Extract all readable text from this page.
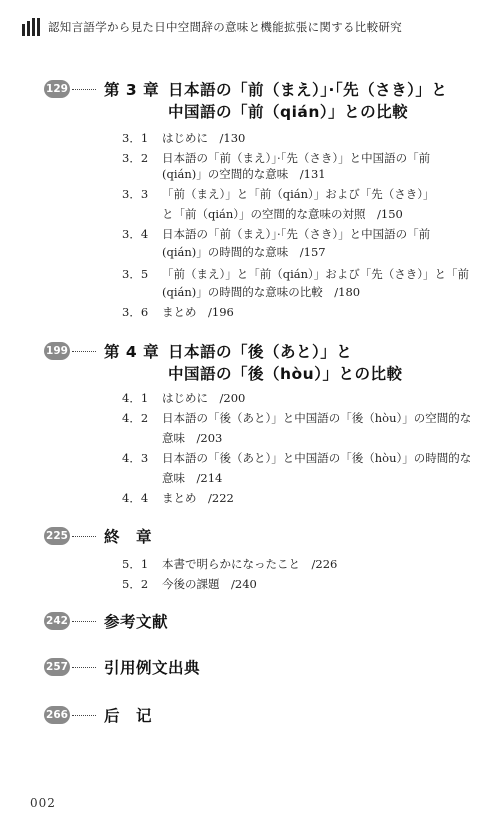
認知言語学から見た日中空間辞の意味と機能拡張に関する比較研究
129 第 3 章 日本語の「前（まえ）」·「先（さき）」と
中国語の「前（qián）」との比較
3．1	はじめに　/130
3．2	日本語の「前（まえ）」·「先（さき）」と中国語の「前
(qián)」の空間的な意味　/131
3．3	「前（まえ）」と「前（qián）」および「先（さき）」
と「前（qián）」の空間的な意味の対照　/150
3．4	日本語の「前（まえ）」·「先（さき）」と中国語の「前
(qián)」の時間的な意味　/157
3．5	「前（まえ）」と「前（qián）」および「先（さき）」と「前
(qián)」の時間的な意味の比較　/180
3．6	まとめ　/196
199 第 4 章 日本語の「後（あと）」と
中国語の「後（hòu）」との比較
4．1	はじめに　/200
4．2	日本語の「後（あと）」と中国語の「後（hòu）」の空間的な
意味　/203
4．3	日本語の「後（あと）」と中国語の「後（hòu）」の時間的な
意味　/214
4．4	まとめ　/222
225 終　章
5．1	本書で明らかになったこと　/226
5．2	今後の課題　/240
242 参考文献
257 引用例文出典
266 后　记
002
